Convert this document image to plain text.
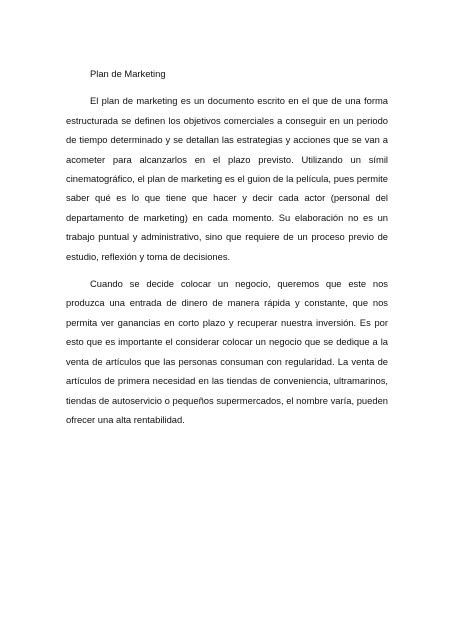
Plan de Marketing

El plan de marketing es un documento escrito en el que de una forma estructurada se definen los objetivos comerciales a conseguir en un periodo de tiempo determinado y se detallan las estrategias y acciones que se van a acometer para alcanzarlos en el plazo previsto. Utilizando un símil cinematográfico, el plan de marketing es el guion de la película, pues permite saber qué es lo que tiene que hacer y decir cada actor (personal del departamento de marketing) en cada momento. Su elaboración no es un trabajo puntual y administrativo, sino que requiere de un proceso previo de estudio, reflexión y toma de decisiones.

Cuando se decide colocar un negocio, queremos que este nos produzca una entrada de dinero de manera rápida y constante, que nos permita ver ganancias en corto plazo y recuperar nuestra inversión. Es por esto que es importante el considerar colocar un negocio que se dedique a la venta de artículos que las personas consuman con regularidad. La venta de artículos de primera necesidad en las tiendas de conveniencia, ultramarinos, tiendas de autoservicio o pequeños supermercados, el nombre varía, pueden ofrecer una alta rentabilidad.
